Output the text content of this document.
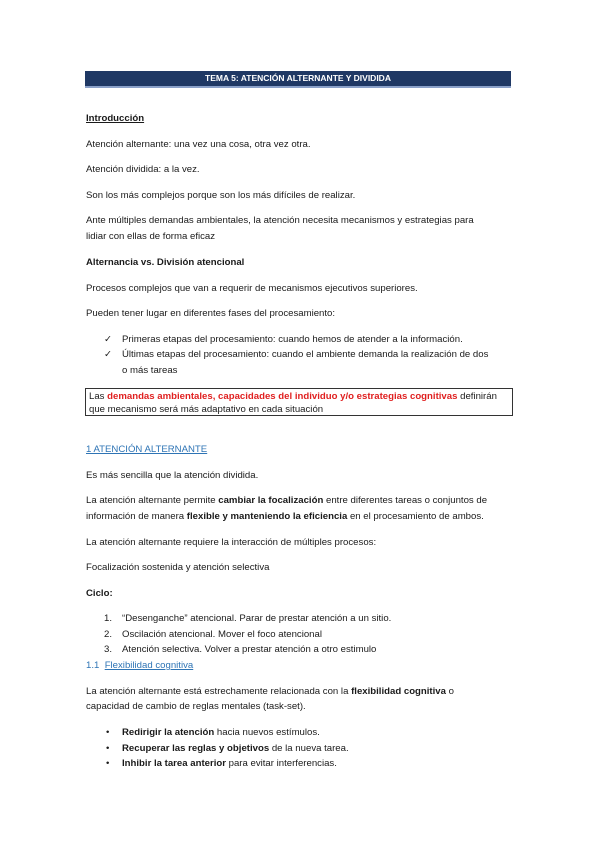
TEMA 5: ATENCIÓN ALTERNANTE Y DIVIDIDA
Introducción
Atención alternante: una vez una cosa, otra vez otra.
Atención dividida: a la vez.
Son los más complejos porque son los más difíciles de realizar.
Ante múltiples demandas ambientales, la atención necesita mecanismos y estrategias para
lidiar con ellas de forma eficaz
Alternancia vs. División atencional
Procesos complejos que van a requerir de mecanismos ejecutivos superiores.
Pueden tener lugar en diferentes fases del procesamiento:
✓ Primeras etapas del procesamiento: cuando hemos de atender a la información.
✓ Últimas etapas del procesamiento: cuando el ambiente demanda la realización de dos
o más tareas
Las demandas ambientales, capacidades del individuo y/o estrategias cognitivas definirán
que mecanismo será más adaptativo en cada situación
1 ATENCIÓN ALTERNANTE
Es más sencilla que la atención dividida.
La atención alternante permite cambiar la focalización entre diferentes tareas o conjuntos de
información de manera flexible y manteniendo la eficiencia en el procesamiento de ambos.
La atención alternante requiere la interacción de múltiples procesos:
Focalización sostenida y atención selectiva
Ciclo:
1. “Desenganche” atencional. Parar de prestar atención a un sitio.
2. Oscilación atencional. Mover el foco atencional
3. Atención selectiva. Volver a prestar atención a otro estimulo
1.1 Flexibilidad cognitiva
La atención alternante está estrechamente relacionada con la flexibilidad cognitiva o
capacidad de cambio de reglas mentales (task-set).
• Redirigir la atención hacia nuevos estímulos.
• Recuperar las reglas y objetivos de la nueva tarea.
• Inhibir la tarea anterior para evitar interferencias.
